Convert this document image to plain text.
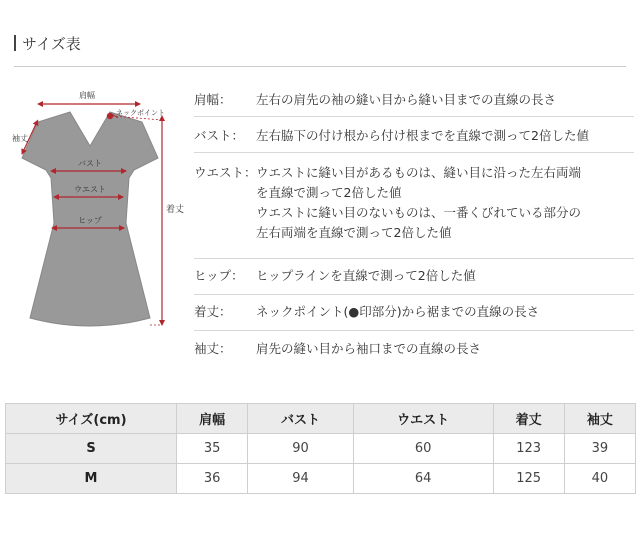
サイズ表
肩幅
ネックポイント
袖丈
バスト
ウエスト
ヒップ
着丈
肩幅： 左右の肩先の袖の縫い目から縫い目までの直線の長さ
バスト： 左右脇下の付け根から付け根までを直線で測って2倍した値
ウエスト： ウエストに縫い目があるものは、縫い目に沿った左右両端
を直線で測って2倍した値
ウエストに縫い目のないものは、一番くびれている部分の
左右両端を直線で測って2倍した値
ヒップ： ヒップラインを直線で測って2倍した値
着丈： ネックポイント(●印部分)から裾までの直線の長さ
袖丈： 肩先の縫い目から袖口までの直線の長さ
サイズ(cm)	肩幅	バスト	ウエスト	着丈	袖丈
S	35	90	60	123	39
M	36	94	64	125	40
